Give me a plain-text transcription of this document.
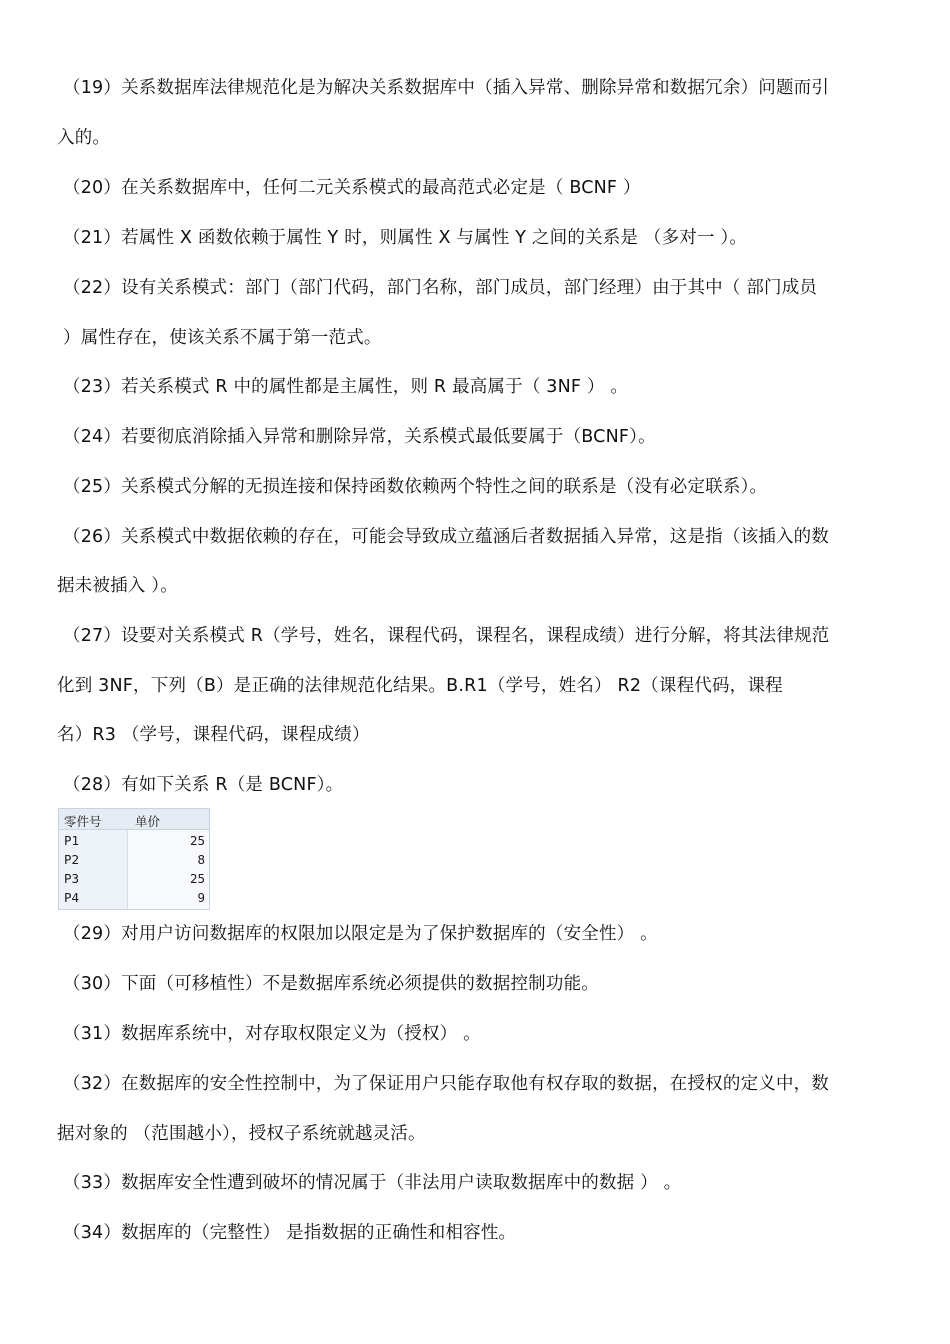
（19）关系数据库法律规范化是为解决关系数据库中（插入异常、删除异常和数据冗余）问题而引
入的。
（20）在关系数据库中，任何二元关系模式的最高范式必定是（ BCNF ）
（21）若属性 X 函数依赖于属性 Y 时，则属性 X 与属性 Y 之间的关系是 （多对一 ）。
（22）设有关系模式：部门（部门代码，部门名称，部门成员，部门经理）由于其中（ 部门成员
）属性存在，使该关系不属于第一范式。
（23）若关系模式 R 中的属性都是主属性，则 R 最高属于（ 3NF ） 。
（24）若要彻底消除插入异常和删除异常，关系模式最低要属于（BCNF）。
（25）关系模式分解的无损连接和保持函数依赖两个特性之间的联系是（没有必定联系）。
（26）关系模式中数据依赖的存在，可能会导致成立蕴涵后者数据插入异常，这是指（该插入的数
据未被插入 ）。
（27）设要对关系模式 R（学号，姓名，课程代码，课程名，课程成绩）进行分解，将其法律规范
化到 3NF，下列（B）是正确的法律规范化结果。B.R1（学号，姓名） R2（课程代码，课程
名）R3 （学号，课程代码，课程成绩）
（28）有如下关系 R（是 BCNF）。
零件号	单价
P1	25
P2	8
P3	25
P4	9
（29）对用户访问数据库的权限加以限定是为了保护数据库的（安全性） 。
（30）下面（可移植性）不是数据库系统必须提供的数据控制功能。
（31）数据库系统中，对存取权限定义为（授权） 。
（32）在数据库的安全性控制中，为了保证用户只能存取他有权存取的数据，在授权的定义中，数
据对象的 （范围越小），授权子系统就越灵活。
（33）数据库安全性遭到破坏的情况属于（非法用户读取数据库中的数据 ） 。
（34）数据库的（完整性） 是指数据的正确性和相容性。
